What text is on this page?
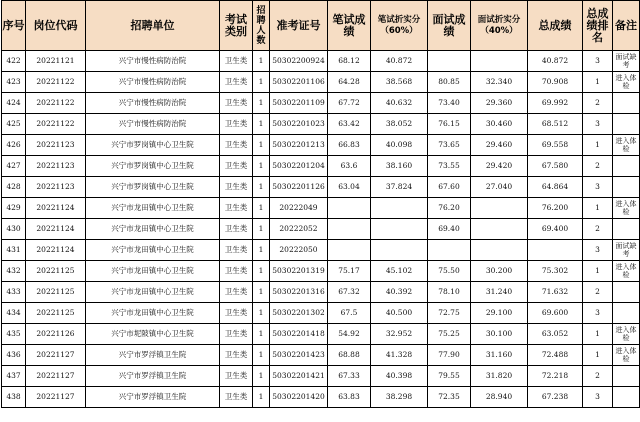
序号	岗位代码	招聘单位	考试类别	招聘人数	准考证号	笔试成绩	笔试折实分（60%）	面试成绩	面试折实分（40%）	总成绩	总成绩排名	备注
422	20221121	兴宁市慢性病防治院	卫生类	1	50302200924	68.12	40.872			40.872	3	面试缺考
423	20221122	兴宁市慢性病防治院	卫生类	1	50302201106	64.28	38.568	80.85	32.340	70.908	1	进入体检
424	20221122	兴宁市慢性病防治院	卫生类	1	50302201109	67.72	40.632	73.40	29.360	69.992	2	
425	20221122	兴宁市慢性病防治院	卫生类	1	50302201023	63.42	38.052	76.15	30.460	68.512	3	
426	20221123	兴宁市罗岗镇中心卫生院	卫生类	1	50302201213	66.83	40.098	73.65	29.460	69.558	1	进入体检
427	20221123	兴宁市罗岗镇中心卫生院	卫生类	1	50302201204	63.6	38.160	73.55	29.420	67.580	2	
428	20221123	兴宁市罗岗镇中心卫生院	卫生类	1	50302201126	63.04	37.824	67.60	27.040	64.864	3	
429	20221124	兴宁市龙田镇中心卫生院	卫生类	1	20222049			76.20		76.200	1	进入体检
430	20221124	兴宁市龙田镇中心卫生院	卫生类	1	20222052			69.40		69.400	2	
431	20221124	兴宁市龙田镇中心卫生院	卫生类	1	20222050						3	面试缺考
432	20221125	兴宁市龙田镇中心卫生院	卫生类	1	50302201319	75.17	45.102	75.50	30.200	75.302	1	进入体检
433	20221125	兴宁市龙田镇中心卫生院	卫生类	1	50302201316	67.32	40.392	78.10	31.240	71.632	2	
434	20221125	兴宁市龙田镇中心卫生院	卫生类	1	50302201302	67.5	40.500	72.75	29.100	69.600	3	
435	20221126	兴宁市坭陂镇中心卫生院	卫生类	1	50302201418	54.92	32.952	75.25	30.100	63.052	1	进入体检
436	20221127	兴宁市罗浮镇卫生院	卫生类	1	50302201423	68.88	41.328	77.90	31.160	72.488	1	进入体检
437	20221127	兴宁市罗浮镇卫生院	卫生类	1	50302201421	67.33	40.398	79.55	31.820	72.218	2	
438	20221127	兴宁市罗浮镇卫生院	卫生类	1	50302201420	63.83	38.298	72.35	28.940	67.238	3	
